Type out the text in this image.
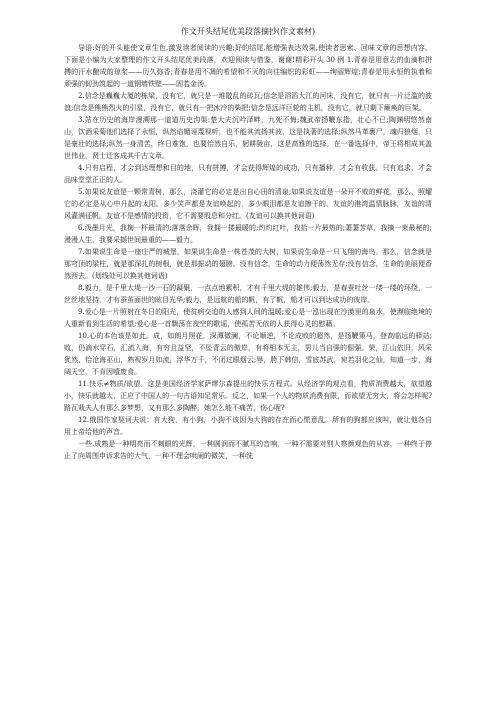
作文开头结尾优美段落摘抄(作文素材)

导语:好的开头能使文章生色,激发读者阅读的兴趣;好的结尾,能增强表达效果,使读者思索、回味文章的思想内容。下面是小编为大家整理的作文开头结尾优美段落，欢迎阅读与借鉴，谢谢!精彩开头 30 例 1.青春是用意志的血滴和拼搏的汗水酿成的琼浆——历久弥香;青春是用不凋的希望和不灭的向往编织的彩虹——绚丽辉煌;青春是用永恒的执着和顽强的韧劲筑起的一道钢墙铁壁——固若金汤。

2.信念是巍巍大厦的栋梁，没有它，就只是一堆散乱的砖瓦;信念是滔滔大江的河床，没有它，就只有一片泛滥的波浪;信念是熊熊烈火的引星，没有它，就只有一把冰冷的柴把;信念是远洋巨轮的主机，没有它，就只剩下瘫痪的巨架。

3.站在历史的海岸漫溯那一道道历史沟渠:楚大夫沉吟泽畔，九死不悔;魏武帝扬鞭东指，壮心不已;陶渊明悠然南山，饮酒采菊他们选择了永恒，纵然谄媚诬蔑视听，也不能其流扬其波，这是执著的选择;纵然马革裹尸，魂归狼烟，只是豪壮的选择;纵然一身清苦，终日难饱，也要怡然自乐，躬耕陇亩，这是高雅的选择。在一番选择中，帝王将相成其盖世伟业，贤士迁客成其千古文章。

4.只有启程，才会到达理想和目的地，只有拼搏，才会获得辉煌的成功，只有播种，才会有收获。只有追求，才会品味堂堂正正的人。

5.如果说友谊是一颗常青树，那么，浇灌它的必定是出自心田的清泉;如果说友谊是一朵开不败的鲜花，那么，照耀它的必定是从心中升起的太阳。多少笑声都是友谊唤起的，多少眼泪都是友谊擦干的。友谊的港湾温情脉脉，友谊的清风灌满征帆。友谊不是感情的投资，它不需要股息和分红。(友谊可以换其他词语)

6.泼墨月光，我掬一杯最清的;落落余晖，我拥一搂最暖的;灼灼红叶，我拾一片最热的;萋萋芳草，我摘一束最秘的;漫漫人生，我要采撷世间最重的——毅力。

7.如果说生命是一座庄严的城堡，如果说生命是一株苍茂的大树，如果说生命是一只飞翔的海鸟。那么，信念就是那穹顶的梁柱，就是那深扎的树根，就是那振动的翅膀。没有信念，生命的动力便荡然无存;没有信念，生命的美丽便香然西去。(划线处可以换其他词语)

8.毅力，是千里大堤一沙一石的凝聚，一点点地累积，才有千里大堤的雄伟;毅力，是春蚕吐丝一缕一缕的环绕，一丝丝地坚持，才有蚕茧面世的眩目光华;毅力，是远航的船的帆，有了帆，船才可以到达成功的彼岸。

9.爱心是一片照射在冬日的阳光，使贫病交迫的人感到人间的温暖;爱心是一泓出现在沙漠里的泉水，使濒临绝境的人重新看到生活的希望;爱心是一首飘荡在夜空的歌谣，使孤苦无依的人获得心灵的慰藉。

10.心的本色该是如此。成，如朗月照花，深潭微澜，不论顺逆，不论成败的超然，是扬鞭策马，登高临远的驿站;败，仍滴水穿石，汇流入海，有穷且益坚，不坠青云的傲岸，有将相本无主，男儿当自强的倔强。荣，江山依旧，风采犹然，恰沧海巫山，熟视岁月如流，浮华万千，不闭过眼烟云;辱，胯下韩信，雪底苏武，宛若羽化之仙，知道一步，海阔天空，不肯因噎废食。

11.快乐≠物质/欲望。这是美国经济学家萨缪尔森提出的快乐方程式。从经济学的观点看，物质消费越大，欲望越小，快乐就越大，正应了中国人的一句古语知足常乐。反之，如果一个人的物质消费有限，而欲望无穷大，将会怎样呢?路瓦栽夫人有那么多梦想，又有那么多陶醉，她怎么能不痛苦，伤心呢?

12.俄国作家契诃夫说：有大狗，有小狗，小狗不该因为大狗的存在而心慌意乱。所有的狗都应该叫，就让他各自用上帝给他的声音。

一些.成熟是一种明亮而不刺眼的光辉，一种圆润而不腻耳的音响，一种不需要对别人察颜观色的从容，一种终于停止了向周围申诉求告的大气，一种不理会哄闹的微笑，一种洗
